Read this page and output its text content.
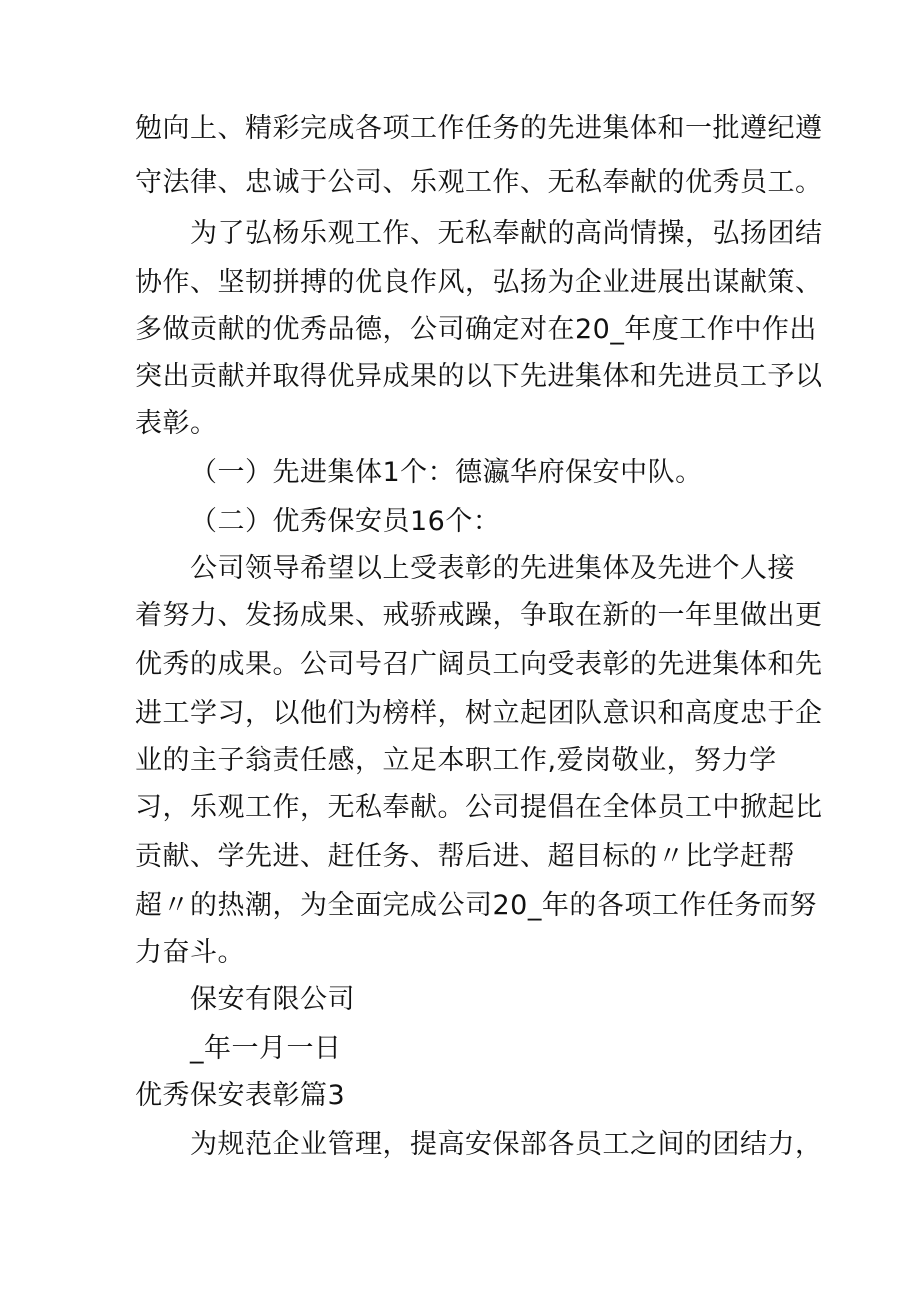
勉向上、精彩完成各项工作任务的先进集体和一批遵纪遵
守法律、忠诚于公司、乐观工作、无私奉献的优秀员工。
为了弘杨乐观工作、无私奉献的高尚情操，弘扬团结
协作、坚韧拼搏的优良作风，弘扬为企业进展出谋献策、
多做贡献的优秀品德，公司确定对在20_年度工作中作出
突出贡献并取得优异成果的以下先进集体和先进员工予以
表彰。
（一）先进集体1个：德瀛华府保安中队。
（二）优秀保安员16个：
公司领导希望以上受表彰的先进集体及先进个人接
着努力、发扬成果、戒骄戒躁，争取在新的一年里做出更
优秀的成果。公司号召广阔员工向受表彰的先进集体和先
进工学习，以他们为榜样，树立起团队意识和高度忠于企
业的主子翁责任感，立足本职工作,爱岗敬业，努力学
习，乐观工作，无私奉献。公司提倡在全体员工中掀起比
贡献、学先进、赶任务、帮后进、超目标的〃比学赶帮
超〃的热潮，为全面完成公司20_年的各项工作任务而努
力奋斗。
保安有限公司
_年一月一日
优秀保安表彰篇3
为规范企业管理，提高安保部各员工之间的团结力，
